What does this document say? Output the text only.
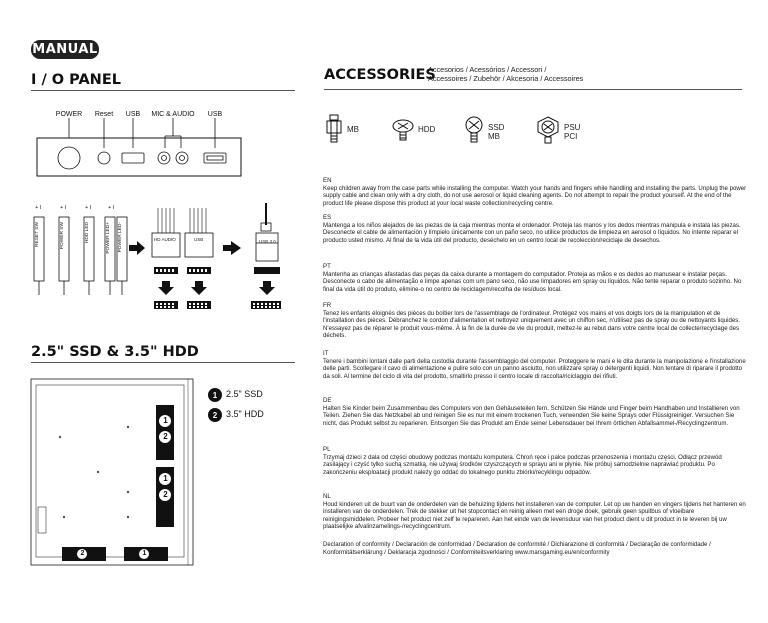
MANUAL
I / O PANEL
POWER Reset USB MIC & AUDIO USB
+ I	+ I	+ I	+ I
RESET SW	POWER SW	HDD LED	POWER LED+ POWER LED-	HD AUDIO	USB	USB 3.0
2.5" SSD & 3.5" HDD
1
2
1
2
2	1
1 2.5" SSD
2 3.5" HDD
ACCESSORIES
Accesorios / Acessórios / Accessori /
Accessoires / Zubehör / Akcesoria / Accessoires
MB	HDD	SSD
MB
PSU
PCI
EN
Keep children away from the case parts while installing the computer. Watch your hands and fingers while handling and installing the parts. Unplug the power supply cable and clean only with a dry cloth, do not use aerosol or liquid cleaning agents. Do not attempt to repair the product yourself. At the end of the product life please dispose this product at your local waste collection/recycling centre.
ES
Mantenga a los niños alejados de las piezas de la caja mientras monta el ordenador. Proteja las manos y los dedos mientras manipula e instala las piezas. Desconecte el cable de alimentación y límpielo únicamente con un paño seco, no utilice productos de limpieza en aerosol o líquidos. No intente reparar el producto usted mismo. Al final de la vida útil del producto, deséchelo en un centro local de recolección/reciclaje de desechos.
PT
Mantenha as crianças afastadas das peças da caixa durante a montagem do computador. Proteja as mãos e os dedos ao manusear e instalar peças. Desconecte o cabo de alimentação e limpe apenas com um pano seco, não use limpadores em spray ou líquidos. Não tente reparar o produto sozinho. No final da vida útil do produto, elimine-o no centro de reciclagem/recolha de resíduos local.
FR
Tenez les enfants éloignés des pièces du boîtier lors de l'assemblage de l'ordinateur. Protégez vos mains et vos doigts lors de la manipulation et de l'installation des pièces. Débranchez le cordon d'alimentation et nettoyez uniquement avec un chiffon sec, n'utilisez pas de spray ou de nettoyants liquides. N'essayez pas de réparer le produit vous-même. À la fin de la durée de vie du produit, mettez-le au rebut dans votre centre local de collecte/recyclage des déchets.
IT
Tenere i bambini lontani dalle parti della custodia durante l'assemblaggio del computer. Proteggere le mani e le dita durante la manipolazione e l'installazione delle parti. Scollegare il cavo di alimentazione e pulire solo con un panno asciutto, non utilizzare spray o detergenti liquidi. Non tentare di riparare il prodotto da soli. Al termine del ciclo di vita del prodotto, smaltirlo presso il centro locale di raccolta/riciclaggio dei rifiuti.
DE
Halten Sie Kinder beim Zusammenbau des Computers von den Gehäuseteilen fern. Schützen Sie Hände und Finger beim Handhaben und Installieren von Teilen. Ziehen Sie das Netzkabel ab und reinigen Sie es nur mit einem trockenen Tuch, verwenden Sie keine Sprays oder Flüssigreiniger. Versuchen Sie nicht, das Produkt selbst zu reparieren. Entsorgen Sie das Produkt am Ende seiner Lebensdauer bei Ihrem örtlichen Abfallsammel-/Recyclingzentrum.
PL
Trzymaj dzieci z dala od części obudowy podczas montażu komputera. Chroń ręce i palce podczas przenoszenia i montażu części. Odłącz przewód zasilający i czyść tylko suchą szmatką, nie używaj środków czyszczących w sprayu ani w płynie. Nie próbuj samodzielnie naprawiać produktu. Po zakończeniu eksploatacji produkt należy go oddać do lokalnego punktu zbiórki/recyklingu odpadów.
NL
Houd kinderen uit de buurt van de onderdelen van de behuizing tijdens het installeren van de computer. Let op uw handen en vingers tijdens het hanteren en installeren van de onderdelen. Trek de stekker uit het stopcontact en reinig alleen met een droge doek, gebruik geen spuitbus of vloeibare reinigingsmiddelen. Probeer het product niet zelf te repareren. Aan het einde van de levensduur van het product dient u dit product in te leveren bij uw plaatselijke afvalinzamelings-/recyclingcentrum.
Declaration of conformity / Declaración de conformidad / Déclaration de conformité / Dichiarazione di conformità / Declaração de conformidade / Konformitätserklärung / Deklaracja zgodności / Conformiteitsverklaring www.marsgaming.eu/en/conformity
